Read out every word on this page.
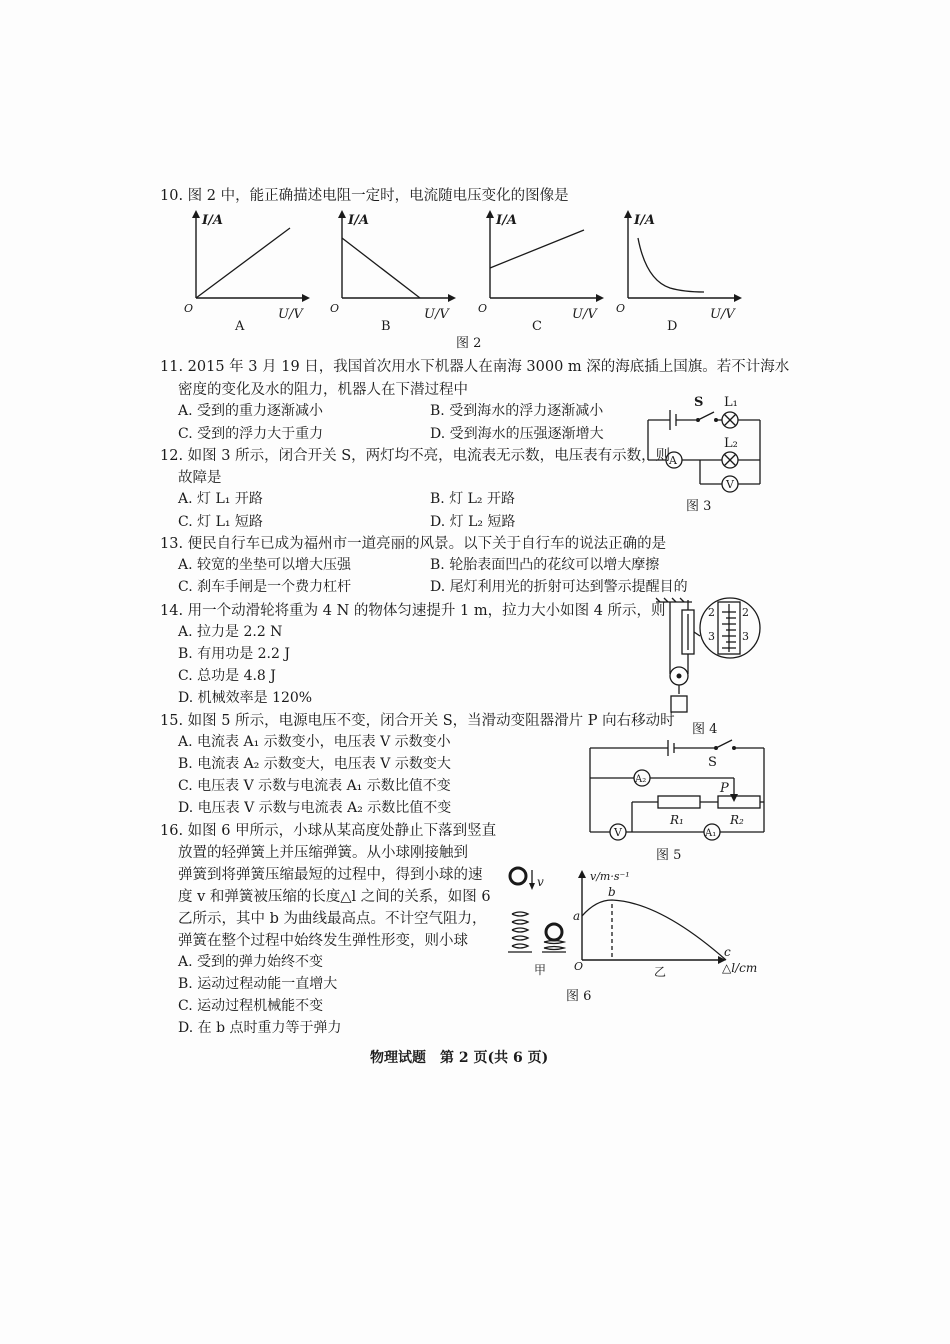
10. 图 2 中，能正确描述电阻一定时，电流随电压变化的图像是
I/A
O	U/V
A
I/A
O	U/V
B
I/A
O	U/V
C
I/A
O	U/V
D
图 2
11. 2015 年 3 月 19 日，我国首次用水下机器人在南海 3000 m 深的海底插上国旗。若不计海水
密度的变化及水的阻力，机器人在下潜过程中
A. 受到的重力逐渐减小	B. 受到海水的浮力逐渐减小
C. 受到的浮力大于重力	D. 受到海水的压强逐渐增大
S L₁
L₂
A
V
图 3
12. 如图 3 所示，闭合开关 S，两灯均不亮，电流表无示数，电压表有示数，则
故障是
A. 灯 L₁ 开路	B. 灯 L₂ 开路
C. 灯 L₁ 短路	D. 灯 L₂ 短路
13. 便民自行车已成为福州市一道亮丽的风景。以下关于自行车的说法正确的是
A. 较宽的坐垫可以增大压强	B. 轮胎表面凹凸的花纹可以增大摩擦
C. 刹车手闸是一个费力杠杆	D. 尾灯利用光的折射可达到警示提醒目的
14. 用一个动滑轮将重为 4 N 的物体匀速提升 1 m，拉力大小如图 4 所示，则
A. 拉力是 2.2 N
B. 有用功是 2.2 J
C. 总功是 4.8 J
D. 机械效率是 120%
2 2
3 3
图 4
15. 如图 5 所示，电源电压不变，闭合开关 S，当滑动变阻器滑片 P 向右移动时
A. 电流表 A₁ 示数变小，电压表 V 示数变小
B. 电流表 A₂ 示数变大，电压表 V 示数变大
C. 电压表 V 示数与电流表 A₁ 示数比值不变
D. 电压表 V 示数与电流表 A₂ 示数比值不变
S
A₂
P
R₁	R₂
V	A₁
图 5
16. 如图 6 甲所示，小球从某高度处静止下落到竖直
放置的轻弹簧上并压缩弹簧。从小球刚接触到
弹簧到将弹簧压缩最短的过程中，得到小球的速
度 v 和弹簧被压缩的长度△l 之间的关系，如图 6
乙所示，其中 b 为曲线最高点。不计空气阻力，
弹簧在整个过程中始终发生弹性形变，则小球
A. 受到的弹力始终不变
B. 运动过程动能一直增大
C. 运动过程机械能不变
D. 在 b 点时重力等于弹力
v
甲
v/m·s⁻¹
a
b
c
O	△l/cm
乙
图 6
物理试题　第 2 页(共 6 页)
